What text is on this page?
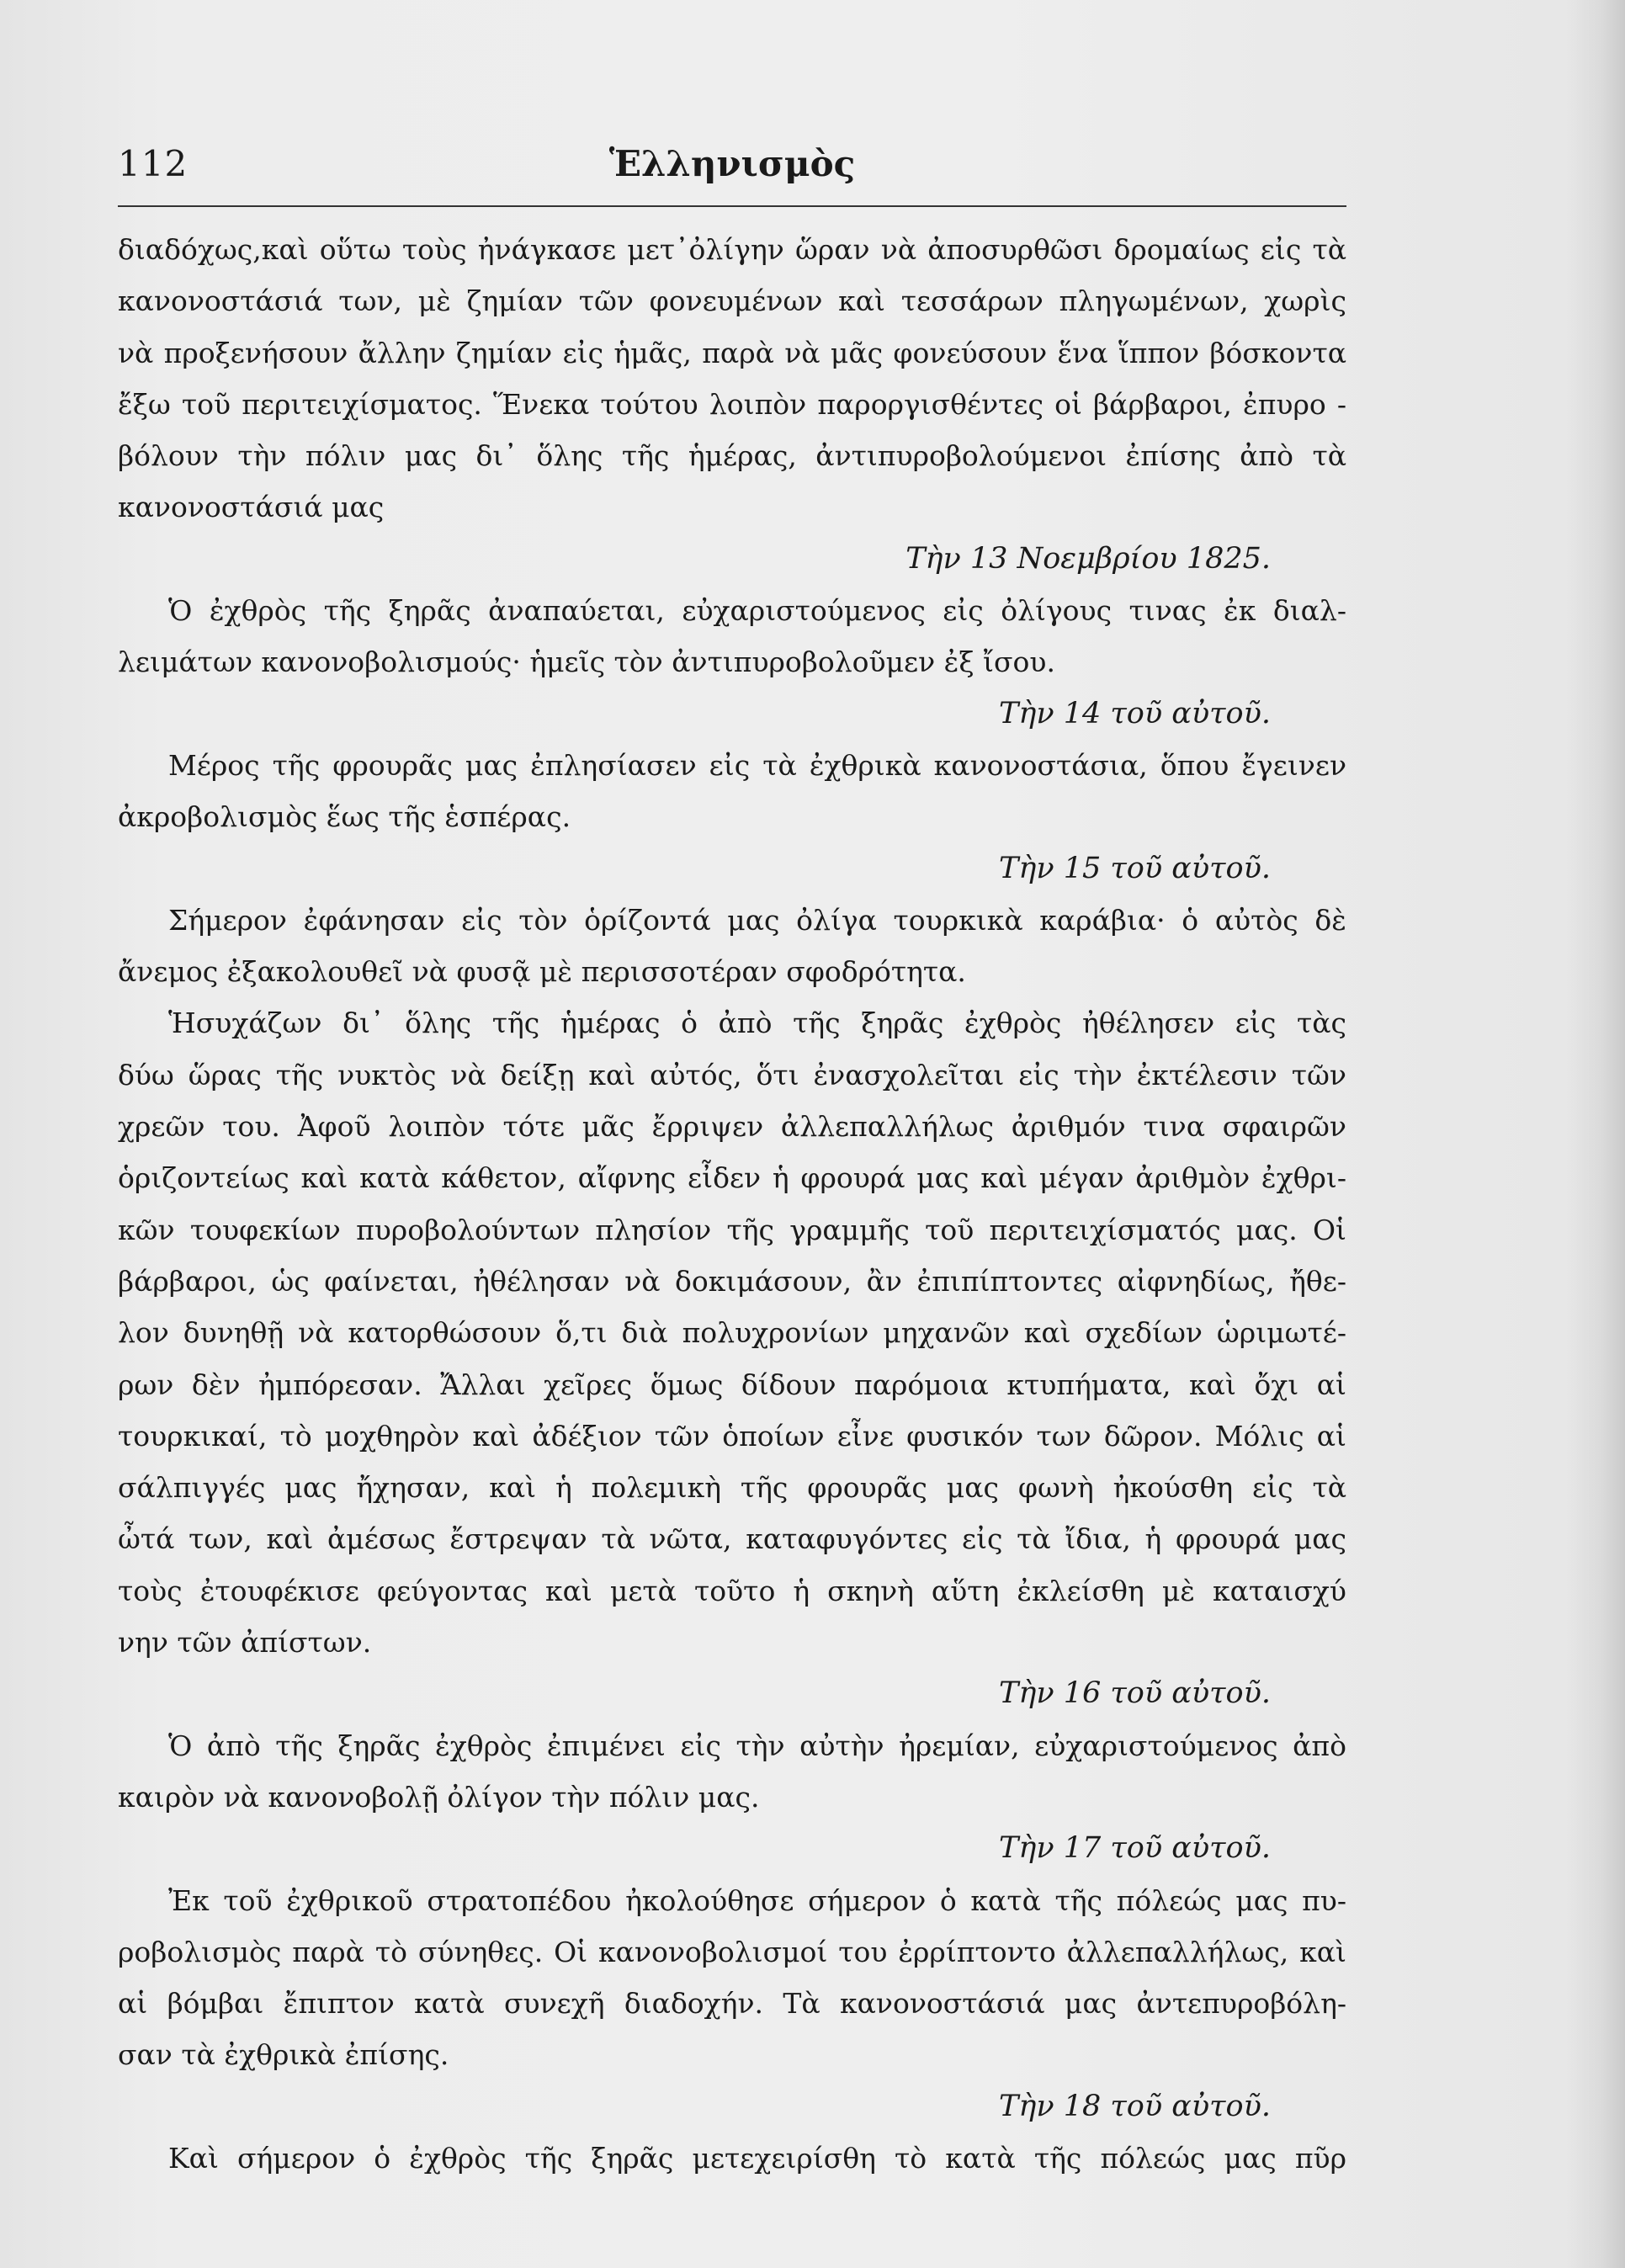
112	Ἑλληνισμὸς
διαδόχως,καὶ οὕτω τοὺς ἠνάγκασε μετ᾿ὀλίγην ὥραν νὰ ἀποσυρθῶσι δρομαίως εἰς τὰ
κανονοστάσιά των, μὲ ζημίαν τῶν φονευμένων καὶ τεσσάρων πληγωμένων, χωρὶς
νὰ προξενήσουν ἄλλην ζημίαν εἰς ἡμᾶς, παρὰ νὰ μᾶς φονεύσουν ἕνα ἵππον βόσκοντα
ἔξω τοῦ περιτειχίσματος. Ἕνεκα τούτου λοιπὸν παροργισθέντες οἱ βάρβαροι, ἐπυρο -
βόλουν τὴν πόλιν μας δι᾿ ὅλης τῆς ἡμέρας, ἀντιπυροβολούμενοι ἐπίσης ἀπὸ τὰ
κανονοστάσιά μας
Τὴν 13 Νοεμβρίου 1825.
Ὁ ἐχθρὸς τῆς ξηρᾶς ἀναπαύεται, εὐχαριστούμενος εἰς ὀλίγους τινας ἐκ διαλ-
λειμάτων κανονοβολισμούς· ἡμεῖς τὸν ἀντιπυροβολοῦμεν ἐξ ἴσου.
Τὴν 14 τοῦ αὐτοῦ.
Μέρος τῆς φρουρᾶς μας ἐπλησίασεν εἰς τὰ ἐχθρικὰ κανονοστάσια, ὅπου ἔγεινεν
ἀκροβολισμὸς ἕως τῆς ἑσπέρας.
Τὴν 15 τοῦ αὐτοῦ.
Σήμερον ἐφάνησαν εἰς τὸν ὁρίζοντά μας ὀλίγα τουρκικὰ καράβια· ὁ αὐτὸς δὲ
ἄνεμος ἐξακολουθεῖ νὰ φυσᾷ μὲ περισσοτέραν σφοδρότητα.
Ἡσυχάζων δι᾿ ὅλης τῆς ἡμέρας ὁ ἀπὸ τῆς ξηρᾶς ἐχθρὸς ἠθέλησεν εἰς τὰς
δύω ὥρας τῆς νυκτὸς νὰ δείξῃ καὶ αὐτός, ὅτι ἐνασχολεῖται εἰς τὴν ἐκτέλεσιν τῶν
χρεῶν του. Ἀφοῦ λοιπὸν τότε μᾶς ἔρριψεν ἀλλεπαλλήλως ἀριθμόν τινα σφαιρῶν
ὁριζοντείως καὶ κατὰ κάθετον, αἴφνης εἶδεν ἡ φρουρά μας καὶ μέγαν ἀριθμὸν ἐχθρι-
κῶν τουφεκίων πυροβολούντων πλησίον τῆς γραμμῆς τοῦ περιτειχίσματός μας. Οἱ
βάρβαροι, ὡς φαίνεται, ἠθέλησαν νὰ δοκιμάσουν, ἂν ἐπιπίπτοντες αἰφνηδίως, ἤθε-
λον δυνηθῇ νὰ κατορθώσουν ὅ,τι διὰ πολυχρονίων μηχανῶν καὶ σχεδίων ὡριμωτέ-
ρων δὲν ἠμπόρεσαν. Ἄλλαι χεῖρες ὅμως δίδουν παρόμοια κτυπήματα, καὶ ὄχι αἱ
τουρκικαί, τὸ μοχθηρὸν καὶ ἀδέξιον τῶν ὁποίων εἶνε φυσικόν των δῶρον. Μόλις αἱ
σάλπιγγές μας ἤχησαν, καὶ ἡ πολεμικὴ τῆς φρουρᾶς μας φωνὴ ἠκούσθη εἰς τὰ
ὦτά των, καὶ ἀμέσως ἔστρεψαν τὰ νῶτα, καταφυγόντες εἰς τὰ ἴδια, ἡ φρουρά μας
τοὺς ἐτουφέκισε φεύγοντας καὶ μετὰ τοῦτο ἡ σκηνὴ αὕτη ἐκλείσθη μὲ καταισχύ
νην τῶν ἀπίστων.
Τὴν 16 τοῦ αὐτοῦ.
Ὁ ἀπὸ τῆς ξηρᾶς ἐχθρὸς ἐπιμένει εἰς τὴν αὐτὴν ἠρεμίαν, εὐχαριστούμενος ἀπὸ
καιρὸν νὰ κανονοβολῇ ὀλίγον τὴν πόλιν μας.
Τὴν 17 τοῦ αὐτοῦ.
Ἐκ τοῦ ἐχθρικοῦ στρατοπέδου ἠκολούθησε σήμερον ὁ κατὰ τῆς πόλεώς μας πυ-
ροβολισμὸς παρὰ τὸ σύνηθες. Οἱ κανονοβολισμοί του ἐρρίπτοντο ἀλλεπαλλήλως, καὶ
αἱ βόμβαι ἔπιπτον κατὰ συνεχῆ διαδοχήν. Τὰ κανονοστάσιά μας ἀντεπυροβόλη-
σαν τὰ ἐχθρικὰ ἐπίσης.
Τὴν 18 τοῦ αὐτοῦ.
Καὶ σήμερον ὁ ἐχθρὸς τῆς ξηρᾶς μετεχειρίσθη τὸ κατὰ τῆς πόλεώς μας πῦρ
